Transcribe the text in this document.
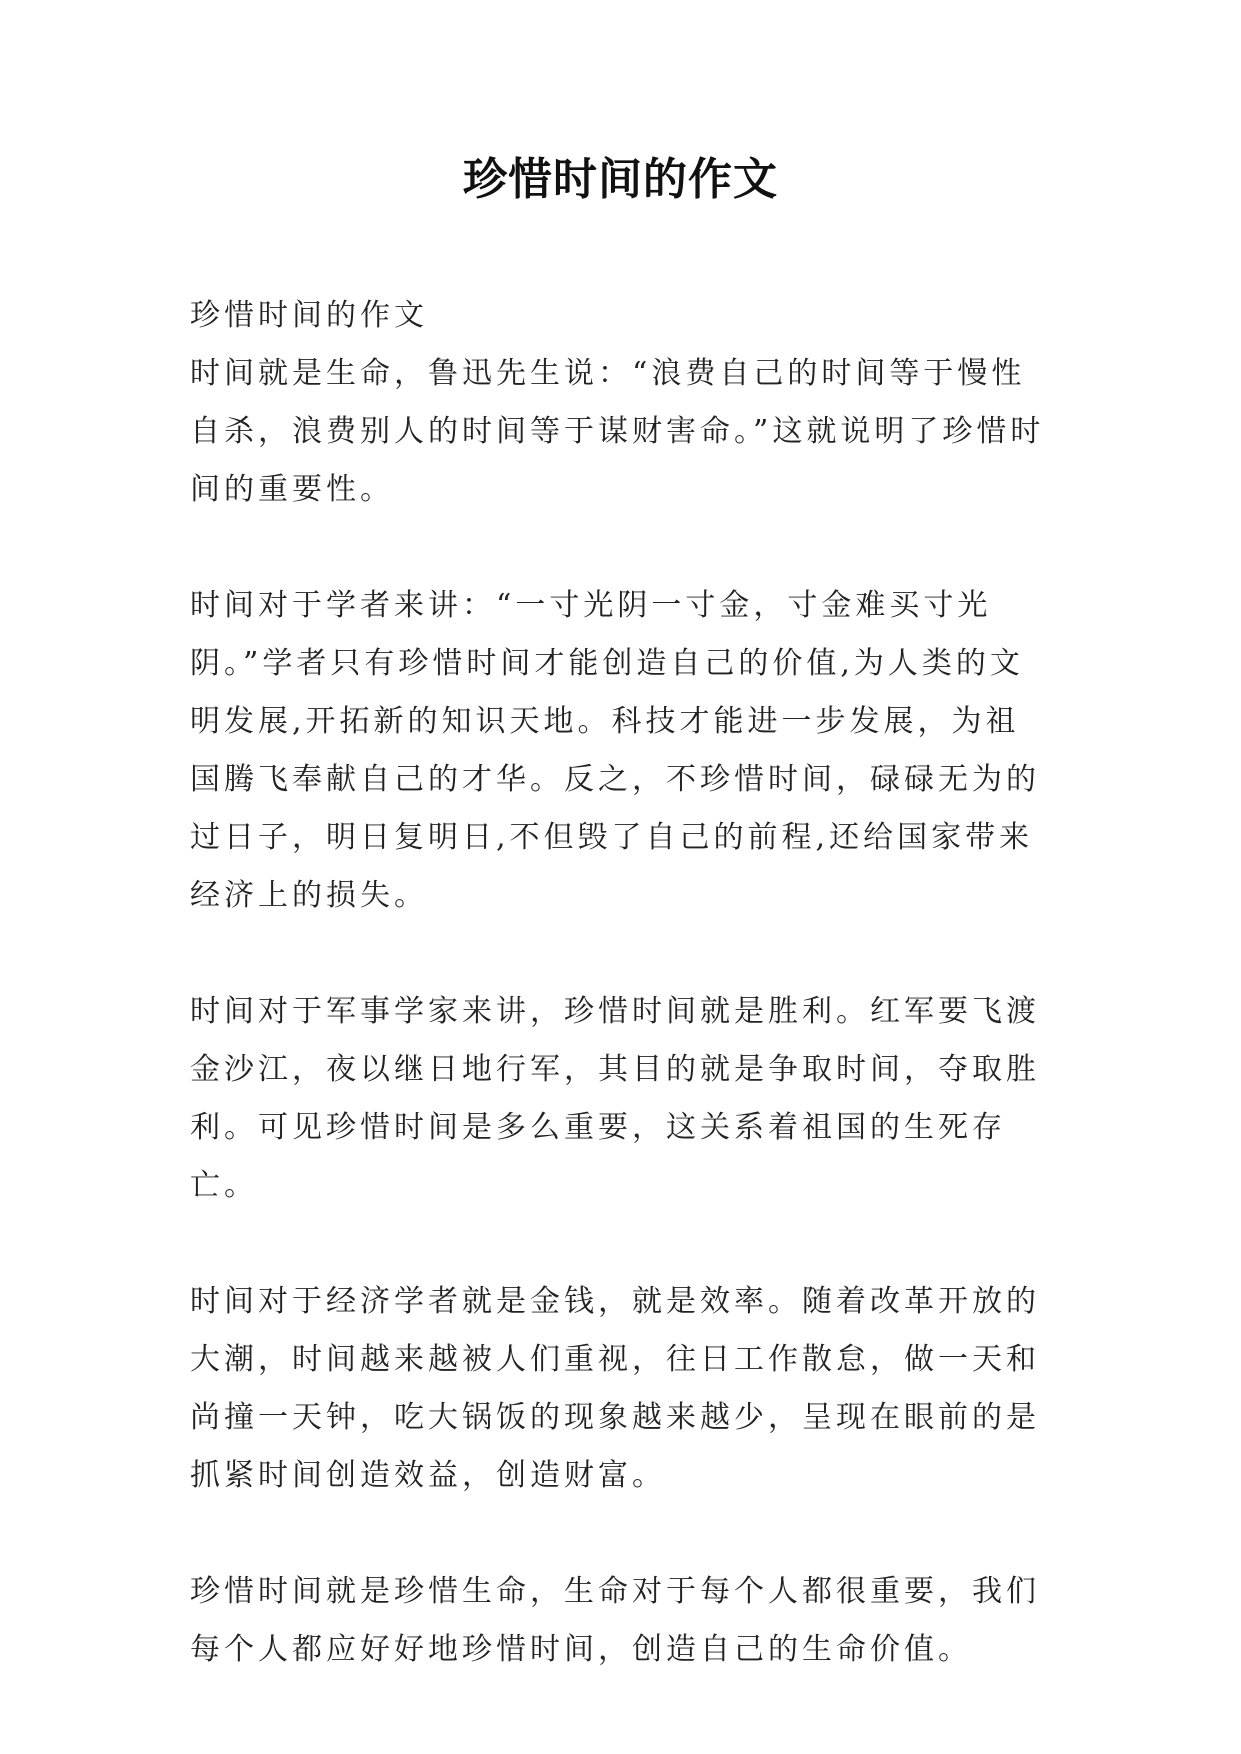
珍惜时间的作文

珍惜时间的作文

时间就是生命，鲁迅先生说：“浪费自己的时间等于慢性自杀，浪费别人的时间等于谋财害命。”这就说明了珍惜时间的重要性。

时间对于学者来讲：“一寸光阴一寸金，寸金难买寸光阴。”学者只有珍惜时间才能创造自己的价值,为人类的文明发展,开拓新的知识天地。科技才能进一步发展，为祖国腾飞奉献自己的才华。反之，不珍惜时间，碌碌无为的过日子，明日复明日,不但毁了自己的前程,还给国家带来经济上的损失。

时间对于军事学家来讲，珍惜时间就是胜利。红军要飞渡金沙江，夜以继日地行军，其目的就是争取时间，夺取胜利。可见珍惜时间是多么重要，这关系着祖国的生死存亡。

时间对于经济学者就是金钱，就是效率。随着改革开放的大潮，时间越来越被人们重视，往日工作散怠，做一天和尚撞一天钟，吃大锅饭的现象越来越少，呈现在眼前的是抓紧时间创造效益，创造财富。

珍惜时间就是珍惜生命，生命对于每个人都很重要，我们每个人都应好好地珍惜时间，创造自己的生命价值。
